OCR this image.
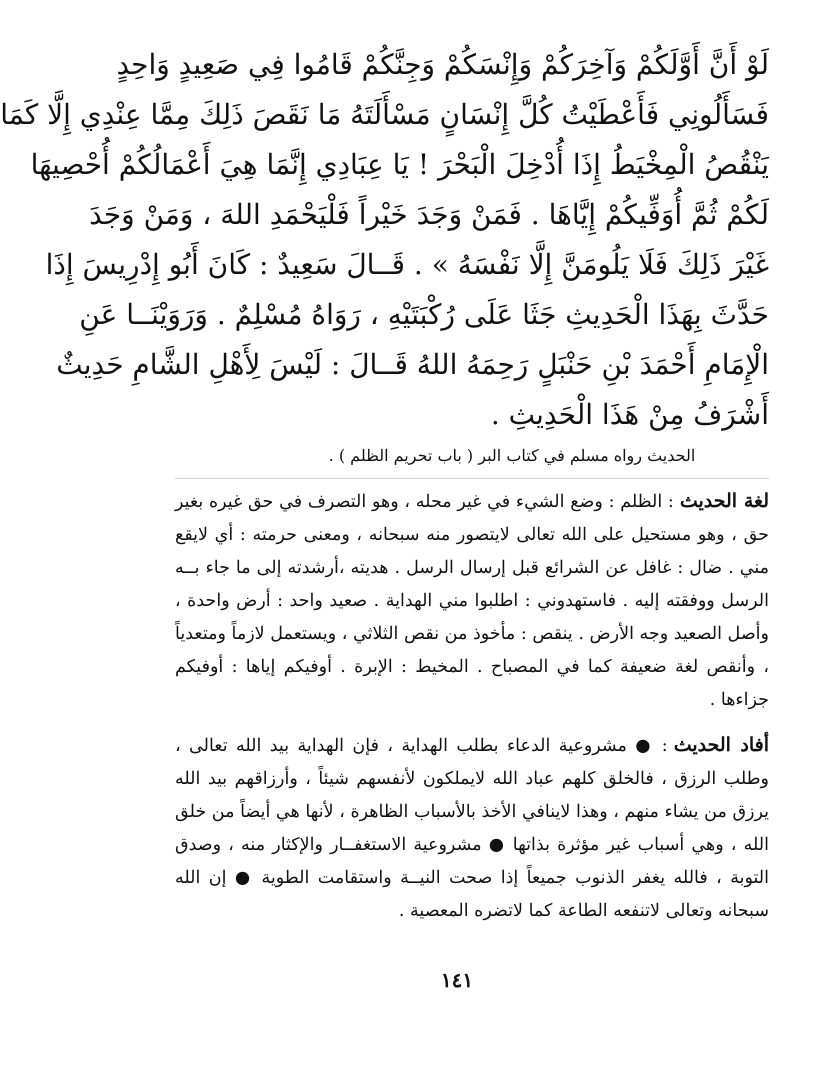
لَوْ أَنَّ أَوَّلَكُمْ وَآخِرَكُمْ وَإِنْسَكُمْ وَجِنَّكُمْ قَامُوا فِي صَعِيدٍ وَاحِدٍ
فَسَأَلُونِي فَأَعْطَيْتُ كُلَّ إِنْسَانٍ مَسْأَلَتَهُ مَا نَقَصَ ذَلِكَ مِمَّا عِنْدِي إِلَّا كَمَا
يَنْقُصُ الْمِخْيَطُ إِذَا أُدْخِلَ الْبَحْرَ ! يَا عِبَادِي إِنَّمَا هِيَ أَعْمَالُكُمْ أُحْصِيهَا
لَكُمْ ثُمَّ أُوَفِّيكُمْ إِيَّاهَا . فَمَنْ وَجَدَ خَيْراً فَلْيَحْمَدِ اللهَ ، وَمَنْ وَجَدَ
غَيْرَ ذَلِكَ فَلَا يَلُومَنَّ إِلَّا نَفْسَهُ » . قَــالَ سَعِيدٌ : كَانَ أَبُو إِدْرِيسَ إِذَا
حَدَّثَ بِهَذَا الْحَدِيثِ جَثَا عَلَى رُكْبَتَيْهِ ، رَوَاهُ مُسْلِمٌ . وَرَوَيْنَــا عَنِ
الْإِمَامِ أَحْمَدَ بْنِ حَنْبَلٍ رَحِمَهُ اللهُ قَــالَ : لَيْسَ لِأَهْلِ الشَّامِ حَدِيثٌ
أَشْرَفُ مِنْ هَذَا الْحَدِيثِ .

الحديث رواه مسلم في كتاب البر ( باب تحريم الظلم ) .

لغة الحديث: الظلم : وضع الشيء في غير محله ، وهو التصرف في حق غيره بغير حق ، وهو مستحيل على الله تعالى لايتصور منه سبحانه ، ومعنى حرمته : أي لايقع مني . ضال : غافل عن الشرائع قبل إرسال الرسل . هديته ،أرشدته إلى ما جاء بــه الرسل ووفقته إليه . فاستهدوني : اطلبوا مني الهداية . صعيد واحد : أرض واحدة ، وأصل الصعيد وجه الأرض . ينقص : مأخوذ من نقص الثلاثي ، ويستعمل لازماً ومتعدياً ، وأنقص لغة ضعيفة كما في المصباح . المخيط : الإبرة . أوفيكم إياها : أوفيكم جزاءها .

أفاد الحديث: ● مشروعية الدعاء بطلب الهداية ، فإن الهداية بيد الله تعالى ، وطلب الرزق ، فالخلق كلهم عباد الله لايملكون لأنفسهم شيئاً ، وأرزاقهم بيد الله يرزق من يشاء منهم ، وهذا لاينافي الأخذ بالأسباب الظاهرة ، لأنها هي أيضاً من خلق الله ، وهي أسباب غير مؤثرة بذاتها ● مشروعية الاستغفــار والإكثار منه ، وصدق التوبة ، فالله يغفر الذنوب جميعاً إذا صحت النيــة واستقامت الطوية ● إن الله سبحانه وتعالى لاتنفعه الطاعة كما لاتضره المعصية .

١٤١
